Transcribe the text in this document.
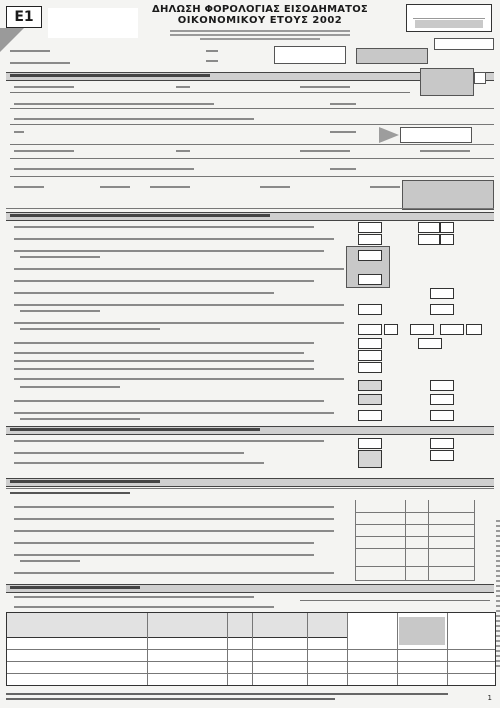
E1	ΔΗΛΩΣΗ ΦΟΡΟΛΟΓΙΑΣ ΕΙΣΟΔΗΜΑΤΟΣ
ΟΙΚΟΝΟΜΙΚΟΥ ΕΤΟΥΣ 2002
1
